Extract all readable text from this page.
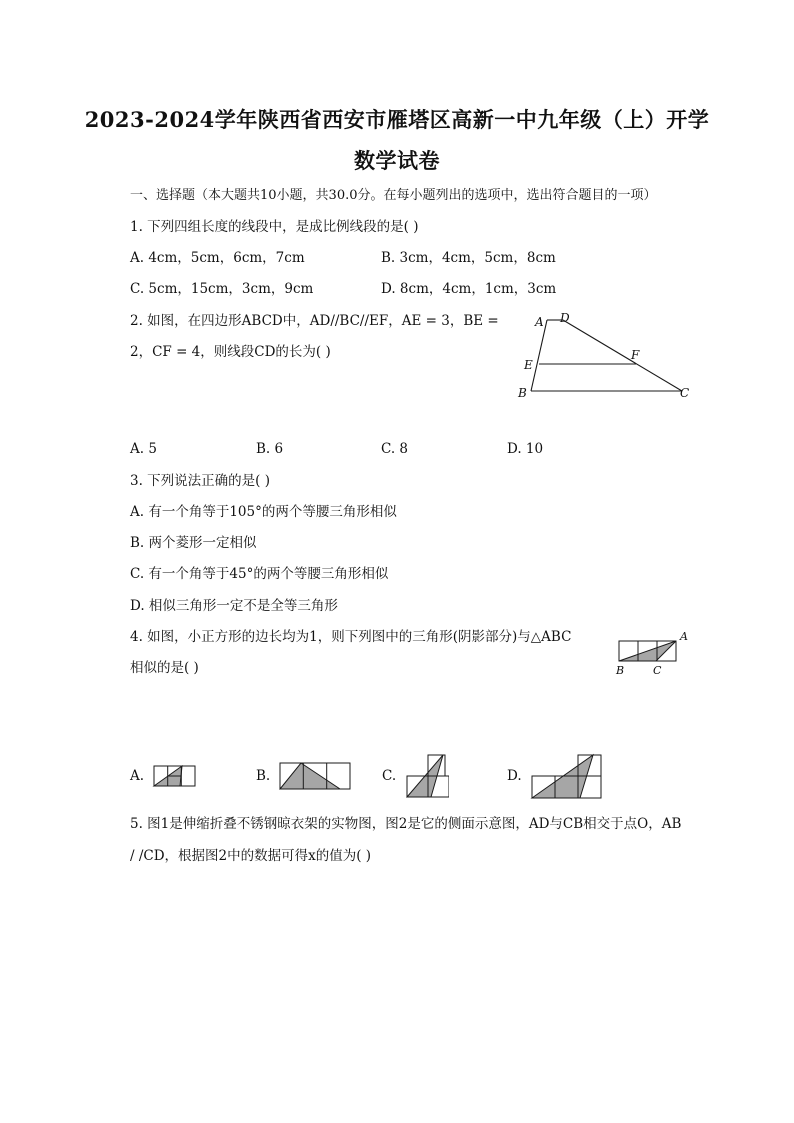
2023-2024学年陕西省西安市雁塔区高新一中九年级（上）开学
数学试卷
一、选择题（本大题共10小题，共30.0分。在每小题列出的选项中，选出符合题目的一项）
1. 下列四组长度的线段中，是成比例线段的是( )
A. 4cm，5cm，6cm，7cm	B. 3cm，4cm，5cm，8cm
C. 5cm，15cm，3cm，9cm	D. 8cm，4cm，1cm，3cm
2. 如图，在四边形ABCD中，AD//BC//EF，AE = 3，BE =
2，CF = 4，则线段CD的长为( )
A D
E
F
B	C
A. 5	B. 6	C. 8	D. 10
3. 下列说法正确的是( )
A. 有一个角等于105°的两个等腰三角形相似
B. 两个菱形一定相似
C. 有一个角等于45°的两个等腰三角形相似
D. 相似三角形一定不是全等三角形
4. 如图，小正方形的边长均为1，则下列图中的三角形(阴影部分)与△ABC
相似的是( )
A
B	C
A.	B.	C.	D.
5. 图1是伸缩折叠不锈钢晾衣架的实物图，图2是它的侧面示意图，AD与CB相交于点O，AB
/ /CD，根据图2中的数据可得x的值为( )
